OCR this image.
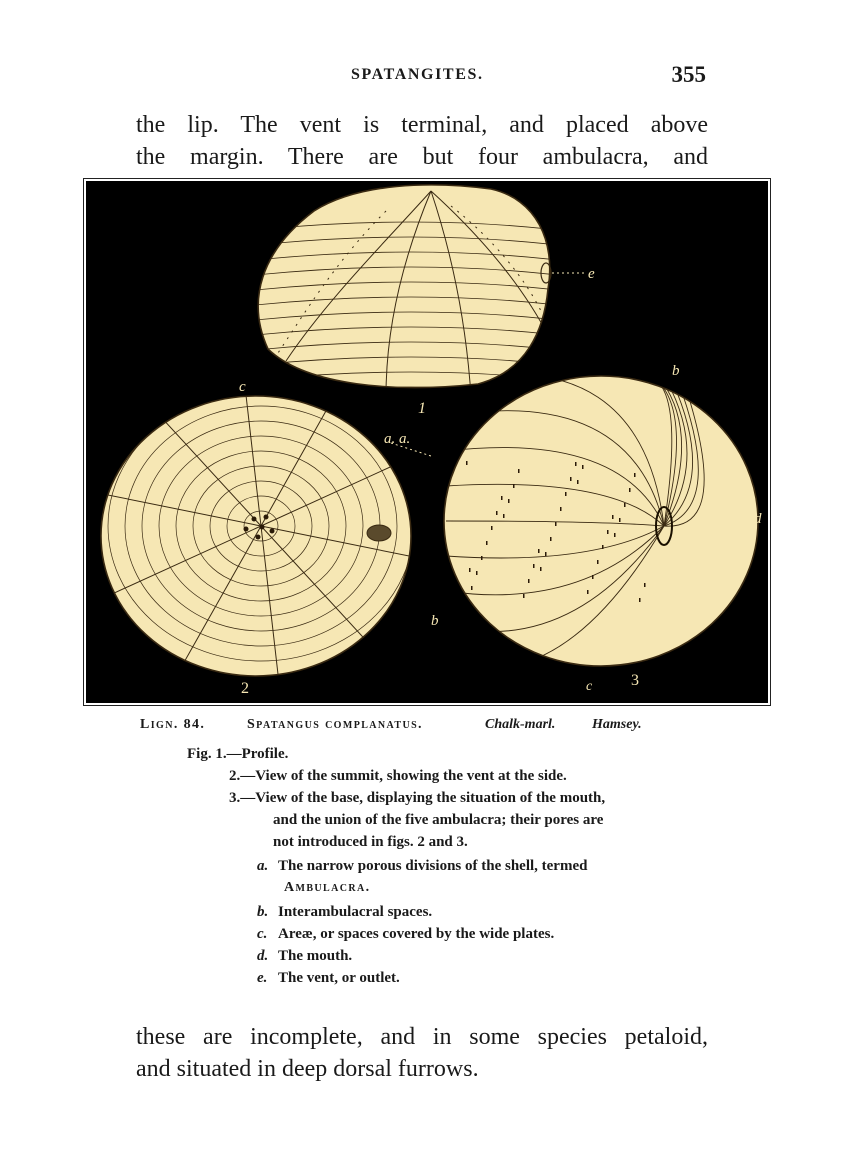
SPATANGITES.	355
the lip. The vent is terminal, and placed above
the margin. There are but four ambulacra, and
e
1
c
a. a.
2
b
d
b
c 3
Lign. 84.	Spatangus complanatus.	Chalk-marl.	Hamsey.
Fig. 1.—Profile.
2.—View of the summit, showing the vent at the side.
3.—View of the base, displaying the situation of the mouth,
and the union of the five ambulacra; their pores are
not introduced in figs. 2 and 3.
a. The narrow porous divisions of the shell, termed
Ambulacra.
b. Interambulacral spaces.
c. Areæ, or spaces covered by the wide plates.
d. The mouth.
e. The vent, or outlet.
these are incomplete, and in some species petaloid,
and situated in deep dorsal furrows.
